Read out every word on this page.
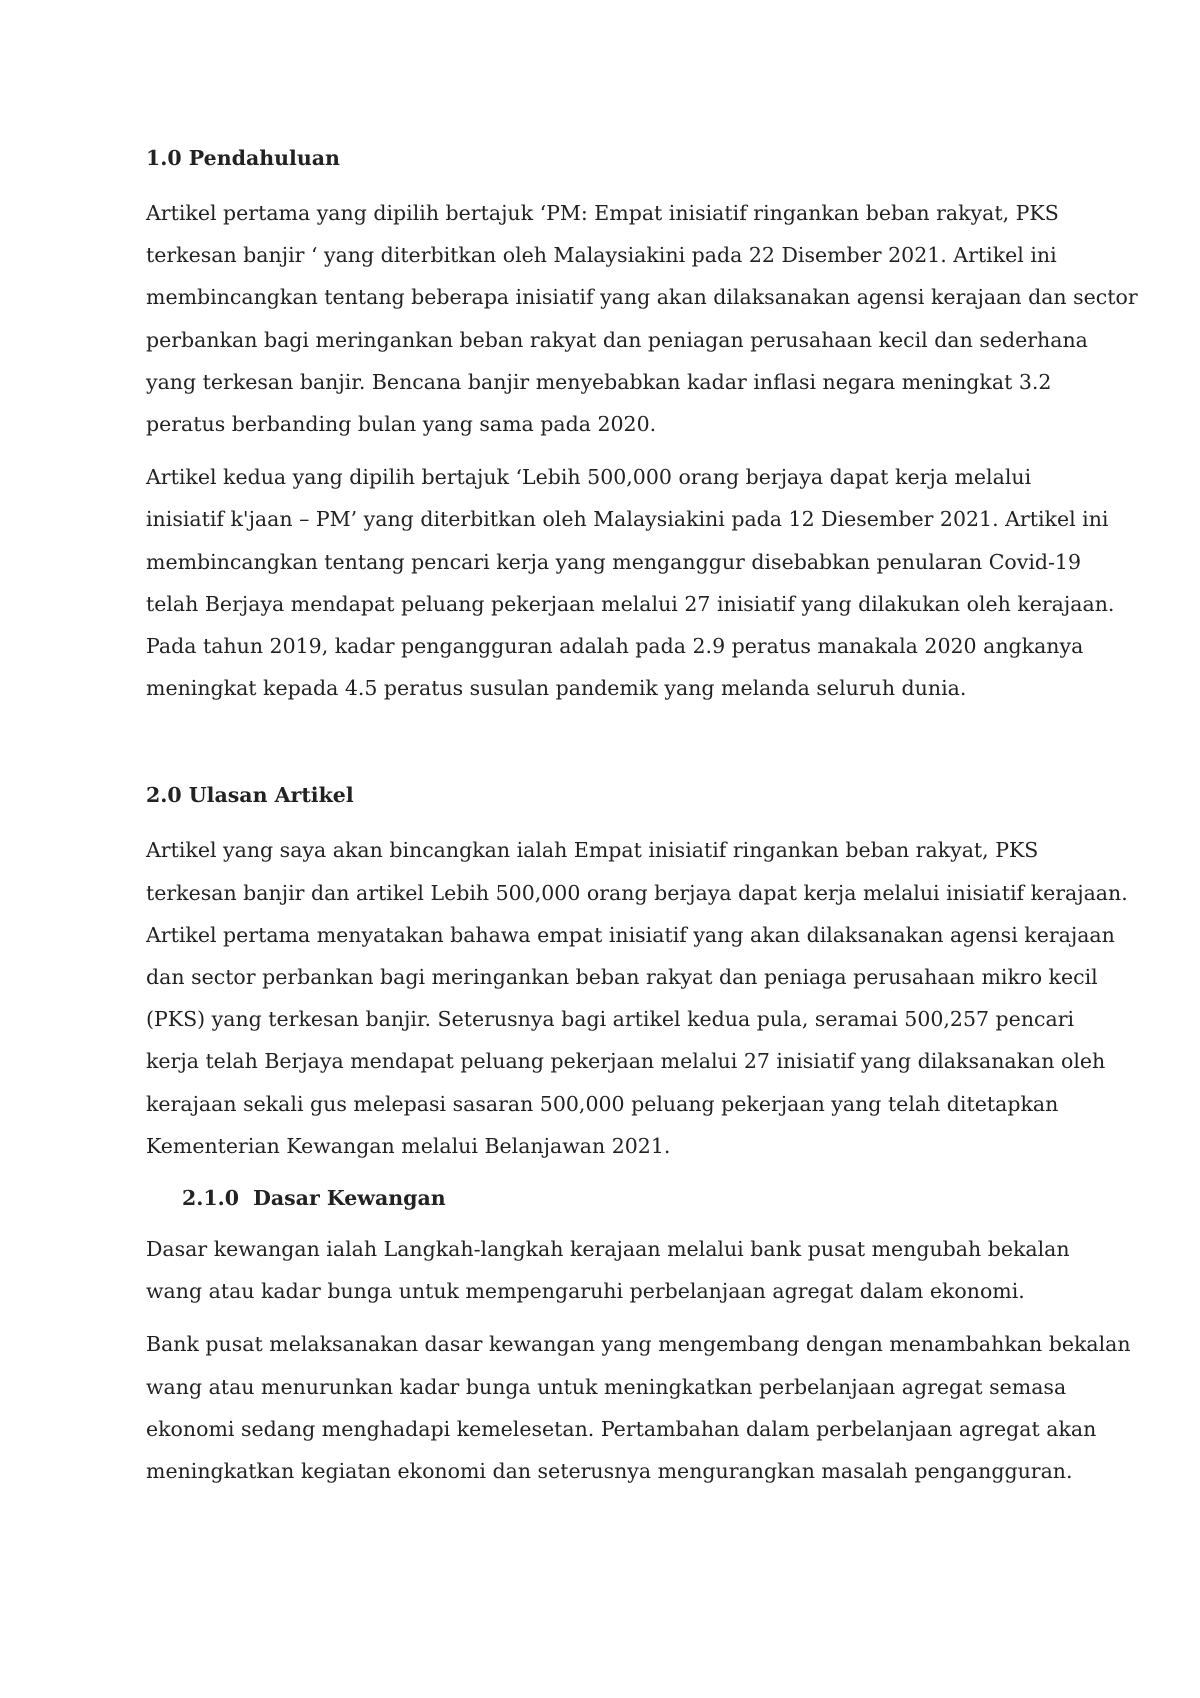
1.0 Pendahuluan
Artikel pertama yang dipilih bertajuk ‘PM: Empat inisiatif ringankan beban rakyat, PKS
terkesan banjir ‘ yang diterbitkan oleh Malaysiakini pada 22 Disember 2021. Artikel ini
membincangkan tentang beberapa inisiatif yang akan dilaksanakan agensi kerajaan dan sector
perbankan bagi meringankan beban rakyat dan peniagan perusahaan kecil dan sederhana
yang terkesan banjir. Bencana banjir menyebabkan kadar inflasi negara meningkat 3.2
peratus berbanding bulan yang sama pada 2020.
Artikel kedua yang dipilih bertajuk ‘Lebih 500,000 orang berjaya dapat kerja melalui
inisiatif k'jaan – PM’ yang diterbitkan oleh Malaysiakini pada 12 Diesember 2021. Artikel ini
membincangkan tentang pencari kerja yang menganggur disebabkan penularan Covid-19
telah Berjaya mendapat peluang pekerjaan melalui 27 inisiatif yang dilakukan oleh kerajaan.
Pada tahun 2019, kadar pengangguran adalah pada 2.9 peratus manakala 2020 angkanya
meningkat kepada 4.5 peratus susulan pandemik yang melanda seluruh dunia.
2.0 Ulasan Artikel
Artikel yang saya akan bincangkan ialah Empat inisiatif ringankan beban rakyat, PKS
terkesan banjir dan artikel Lebih 500,000 orang berjaya dapat kerja melalui inisiatif kerajaan.
Artikel pertama menyatakan bahawa empat inisiatif yang akan dilaksanakan agensi kerajaan
dan sector perbankan bagi meringankan beban rakyat dan peniaga perusahaan mikro kecil
(PKS) yang terkesan banjir. Seterusnya bagi artikel kedua pula, seramai 500,257 pencari
kerja telah Berjaya mendapat peluang pekerjaan melalui 27 inisiatif yang dilaksanakan oleh
kerajaan sekali gus melepasi sasaran 500,000 peluang pekerjaan yang telah ditetapkan
Kementerian Kewangan melalui Belanjawan 2021.
2.1.0 Dasar Kewangan
Dasar kewangan ialah Langkah-langkah kerajaan melalui bank pusat mengubah bekalan
wang atau kadar bunga untuk mempengaruhi perbelanjaan agregat dalam ekonomi.
Bank pusat melaksanakan dasar kewangan yang mengembang dengan menambahkan bekalan
wang atau menurunkan kadar bunga untuk meningkatkan perbelanjaan agregat semasa
ekonomi sedang menghadapi kemelesetan. Pertambahan dalam perbelanjaan agregat akan
meningkatkan kegiatan ekonomi dan seterusnya mengurangkan masalah pengangguran.
